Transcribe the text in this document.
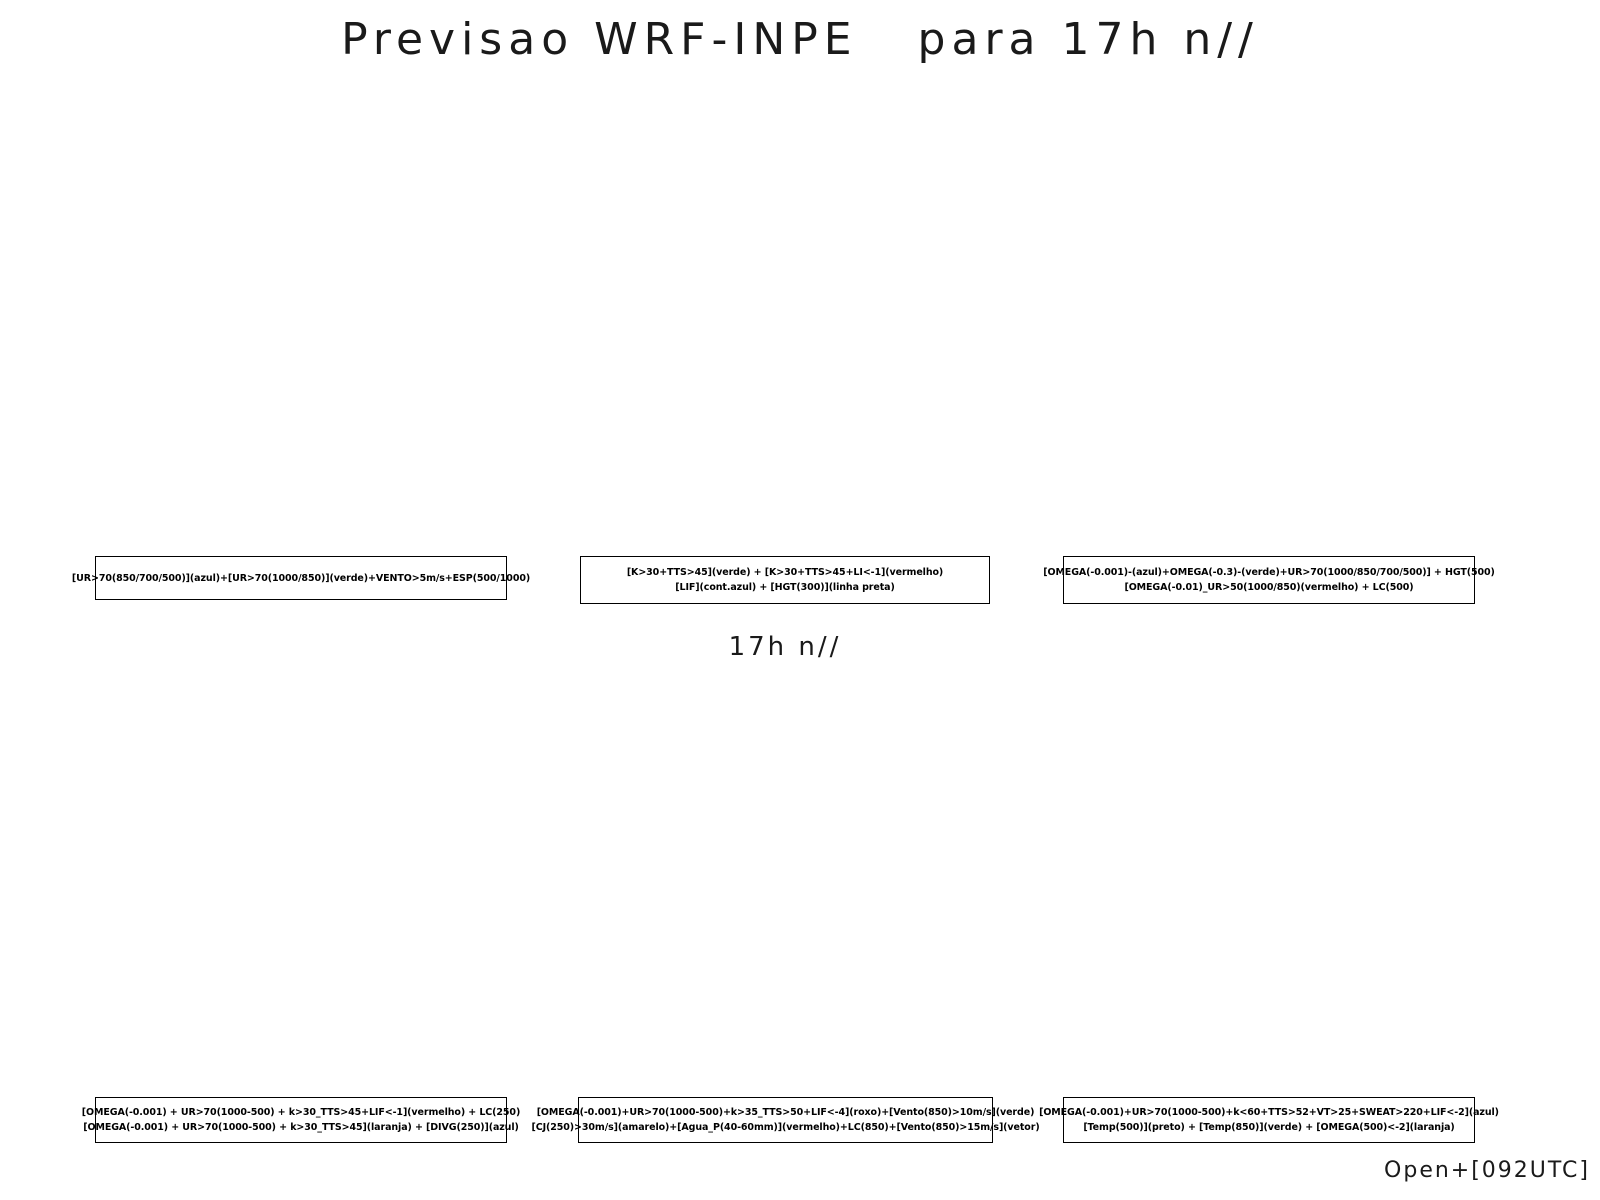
Previsao WRF-INPE   para 17h n//
[UR>70(850/700/500)](azul)+[UR>70(1000/850)](verde)+VENTO>5m/s+ESP(500/1000)	[K>30+TTS>45](verde) + [K>30+TTS>45+LI<-1](vermelho)
[LIF](cont.azul) + [HGT(300)](linha preta)
[OMEGA(-0.001)-(azul)+OMEGA(-0.3)-(verde)+UR>70(1000/850/700/500)] + HGT(500)
[OMEGA(-0.01)_UR>50(1000/850)(vermelho) + LC(500)
17h n//
[OMEGA(-0.001) + UR>70(1000-500) + k>30_TTS>45+LIF<-1](vermelho) + LC(250)
[OMEGA(-0.001) + UR>70(1000-500) + k>30_TTS>45](laranja) + [DIVG(250)](azul)
[OMEGA(-0.001)+UR>70(1000-500)+k>35_TTS>50+LIF<-4](roxo)+[Vento(850)>10m/s](verde)
[CJ(250)>30m/s](amarelo)+[Agua_P(40-60mm)](vermelho)+LC(850)+[Vento(850)>15m/s](vetor)
[OMEGA(-0.001)+UR>70(1000-500)+k<60+TTS>52+VT>25+SWEAT>220+LIF<-2](azul)
[Temp(500)](preto) + [Temp(850)](verde) + [OMEGA(500)<-2](laranja)
Open+[092UTC]
